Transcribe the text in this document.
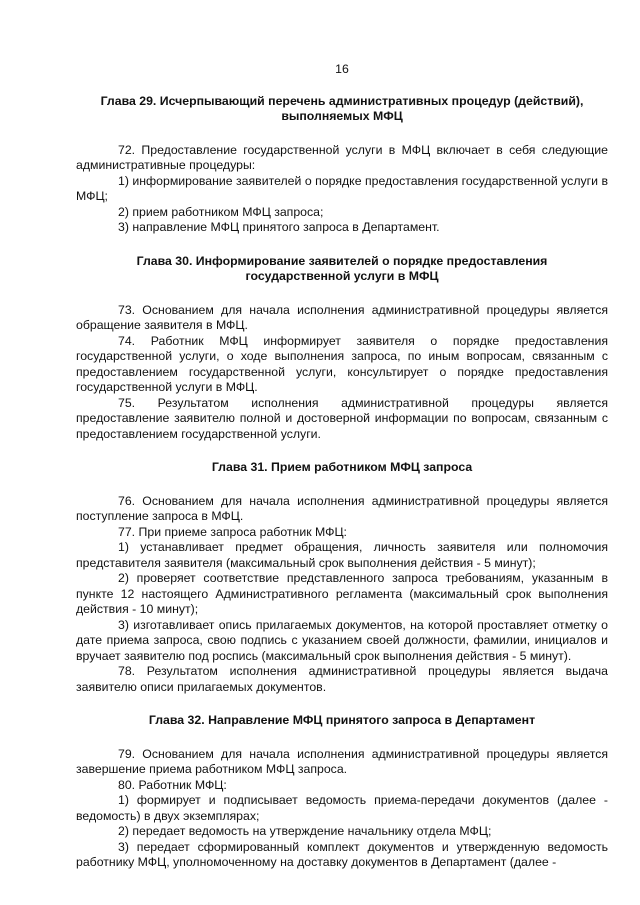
16
Глава 29. Исчерпывающий перечень административных процедур (действий),
выполняемых МФЦ

72. Предоставление государственной услуги в МФЦ включает в себя следующие административные процедуры:

1) информирование заявителей о порядке предоставления государственной услуги в МФЦ;

2) прием работником МФЦ запроса;

3) направление МФЦ принятого запроса в Департамент.

Глава 30. Информирование заявителей о порядке предоставления
государственной услуги в МФЦ

73. Основанием для начала исполнения административной процедуры является обращение заявителя в МФЦ.

74. Работник МФЦ информирует заявителя о порядке предоставления государственной услуги, о ходе выполнения запроса, по иным вопросам, связанным с предоставлением государственной услуги, консультирует о порядке предоставления государственной услуги в МФЦ.

75. Результатом исполнения административной процедуры является предоставление заявителю полной и достоверной информации по вопросам, связанным с предоставлением государственной услуги.

Глава 31. Прием работником МФЦ запроса

76. Основанием для начала исполнения административной процедуры является поступление запроса в МФЦ.

77. При приеме запроса работник МФЦ:

1) устанавливает предмет обращения, личность заявителя или полномочия представителя заявителя (максимальный срок выполнения действия - 5 минут);

2) проверяет соответствие представленного запроса требованиям, указанным в пункте 12 настоящего Административного регламента (максимальный срок выполнения действия - 10 минут);

3) изготавливает опись прилагаемых документов, на которой проставляет отметку о дате приема запроса, свою подпись с указанием своей должности, фамилии, инициалов и вручает заявителю под роспись (максимальный срок выполнения действия - 5 минут).

78. Результатом исполнения административной процедуры является выдача заявителю описи прилагаемых документов.

Глава 32. Направление МФЦ принятого запроса в Департамент

79. Основанием для начала исполнения административной процедуры является завершение приема работником МФЦ запроса.

80. Работник МФЦ:

1) формирует и подписывает ведомость приема-передачи документов (далее - ведомость) в двух экземплярах;

2) передает ведомость на утверждение начальнику отдела МФЦ;

3) передает сформированный комплект документов и утвержденную ведомость работнику МФЦ, уполномоченному на доставку документов в Департамент (далее -
